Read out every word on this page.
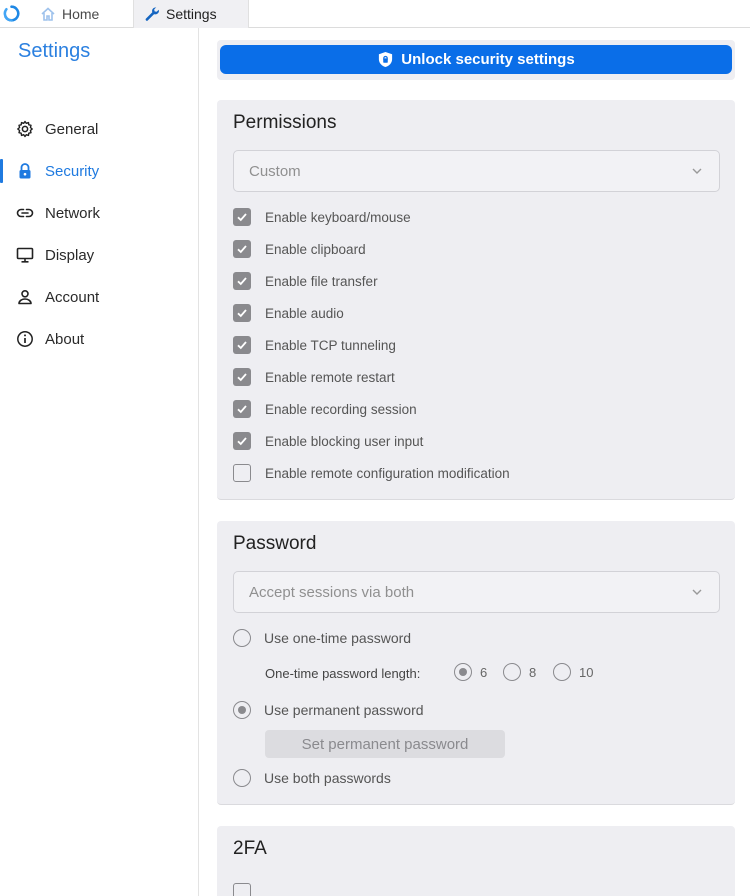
Home	Settings
Settings
General
Security
Network
Display
Account
About
Unlock security settings
Permissions
Custom
Enable keyboard/mouse
Enable clipboard
Enable file transfer
Enable audio
Enable TCP tunneling
Enable remote restart
Enable recording session
Enable blocking user input
Enable remote configuration modification
Password
Accept sessions via both
Use one-time password
One-time password length:	6	8	10
Use permanent password
Set permanent password
Use both passwords
2FA
